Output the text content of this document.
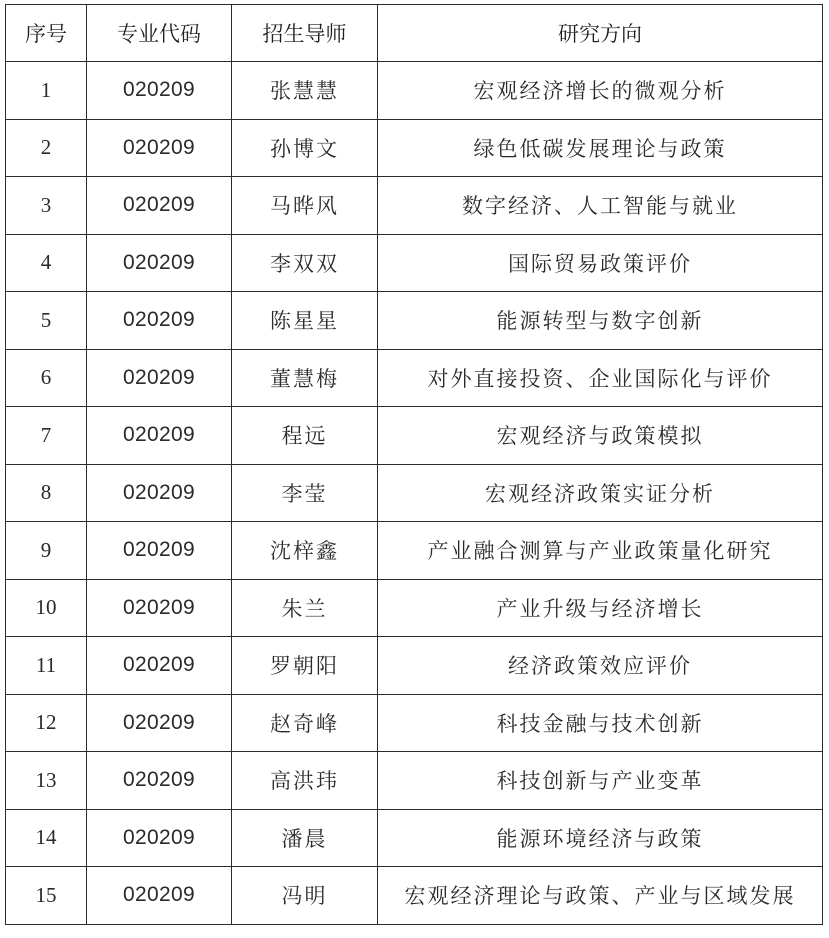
序号	专业代码	招生导师	研究方向
1	020209	张慧慧	宏观经济增长的微观分析
2	020209	孙博文	绿色低碳发展理论与政策
3	020209	马晔风	数字经济、人工智能与就业
4	020209	李双双	国际贸易政策评价
5	020209	陈星星	能源转型与数字创新
6	020209	董慧梅	对外直接投资、企业国际化与评价
7	020209	程远	宏观经济与政策模拟
8	020209	李莹	宏观经济政策实证分析
9	020209	沈梓鑫	产业融合测算与产业政策量化研究
10	020209	朱兰	产业升级与经济增长
11	020209	罗朝阳	经济政策效应评价
12	020209	赵奇峰	科技金融与技术创新
13	020209	高洪玮	科技创新与产业变革
14	020209	潘晨	能源环境经济与政策
15	020209	冯明	宏观经济理论与政策、产业与区域发展
